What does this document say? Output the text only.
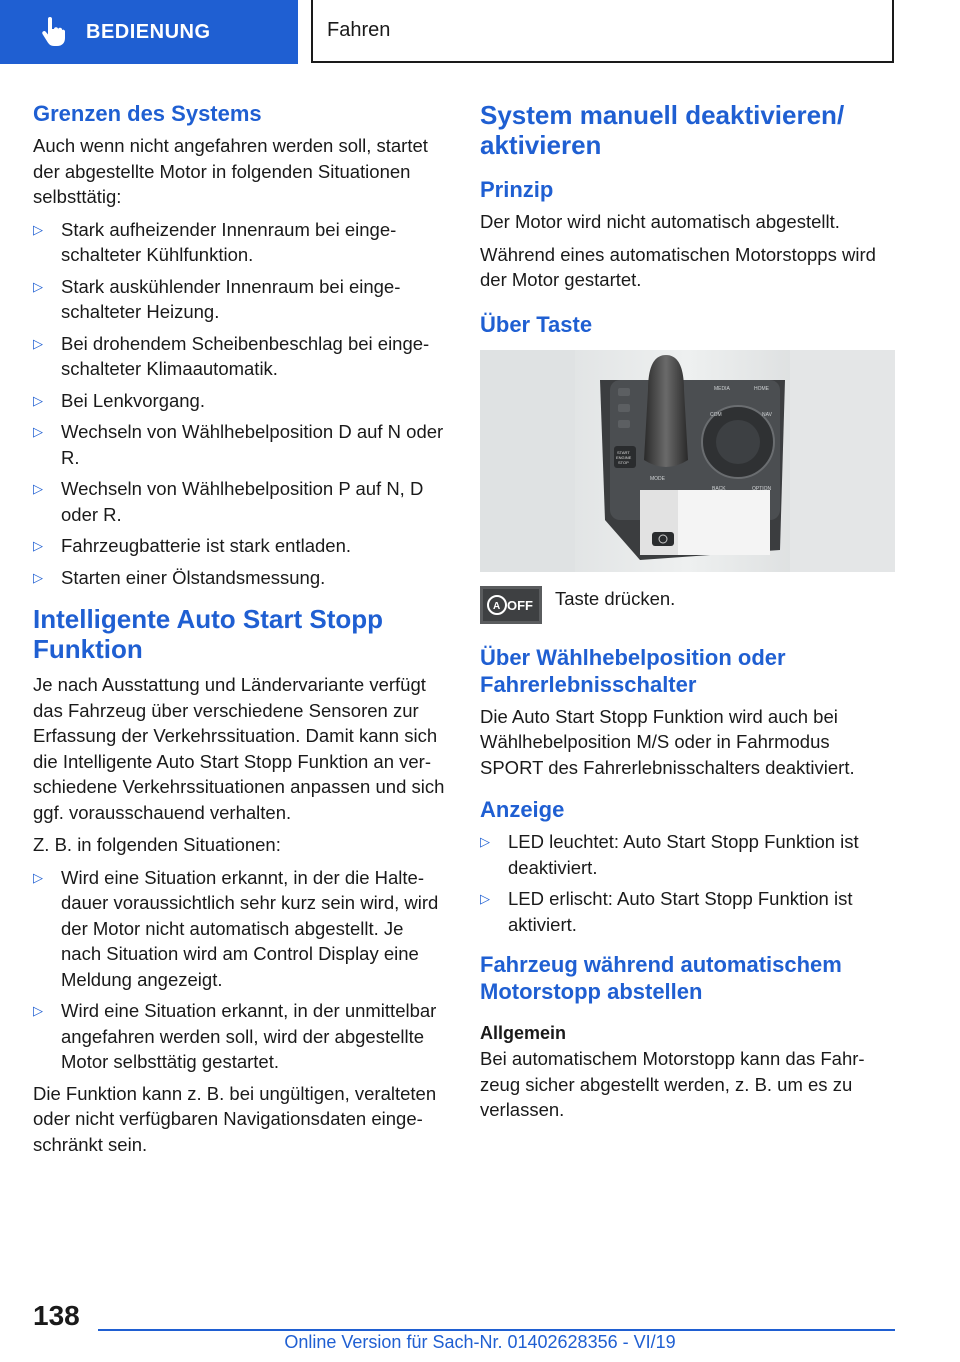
BEDIENUNG	Fahren
Grenzen des Systems

Auch wenn nicht angefahren werden soll, startet der abgestellte Motor in folgenden Situationen selbsttätig:

▷ Stark aufheizender Innenraum bei einge-schalteter Kühlfunktion.
▷ Stark auskühlender Innenraum bei einge-schalteter Heizung.
▷ Bei drohendem Scheibenbeschlag bei einge-schalteter Klimaautomatik.
▷ Bei Lenkvorgang.
▷ Wechseln von Wählhebelposition D auf N oder R.
▷ Wechseln von Wählhebelposition P auf N, D oder R.
▷ Fahrzeugbatterie ist stark entladen.
▷ Starten einer Ölstandsmessung.
Intelligente Auto Start Stopp Funktion

Je nach Ausstattung und Ländervariante verfügt das Fahrzeug über verschiedene Sensoren zur Erfassung der Verkehrssituation. Damit kann sich die Intelligente Auto Start Stopp Funktion an ver-schiedene Verkehrssituationen anpassen und sich ggf. vorausschauend verhalten.

Z. B. in folgenden Situationen:

▷ Wird eine Situation erkannt, in der die Halte-dauer voraussichtlich sehr kurz sein wird, wird der Motor nicht automatisch abgestellt. Je nach Situation wird am Control Display eine Meldung angezeigt.
▷ Wird eine Situation erkannt, in der unmittelbar angefahren werden soll, wird der abgestellte Motor selbsttätig gestartet.

Die Funktion kann z. B. bei ungültigen, veralteten oder nicht verfügbaren Navigationsdaten einge-schränkt sein.

System manuell deaktivieren/ aktivieren
Prinzip

Der Motor wird nicht automatisch abgestellt.

Während eines automatischen Motorstopps wird der Motor gestartet.

Über Taste
MEDIA	HOME
COM	NAV
BACK	OPTION
START
ENGINE
STOP
MODE
A OFF Taste drücken.

Über Wählhebelposition oder Fahrerlebnisschalter

Die Auto Start Stopp Funktion wird auch bei Wählhebelposition M/S oder in Fahrmodus SPORT des Fahrerlebnisschalters deaktiviert.

Anzeige
▷ LED leuchtet: Auto Start Stopp Funktion ist deaktiviert.
▷ LED erlischt: Auto Start Stopp Funktion ist aktiviert.
Fahrzeug während automatischem Motorstopp abstellen
Allgemein

Bei automatischem Motorstopp kann das Fahr-zeug sicher abgestellt werden, z. B. um es zu verlassen.

138
Online Version für Sach-Nr. 01402628356 - VI/19
